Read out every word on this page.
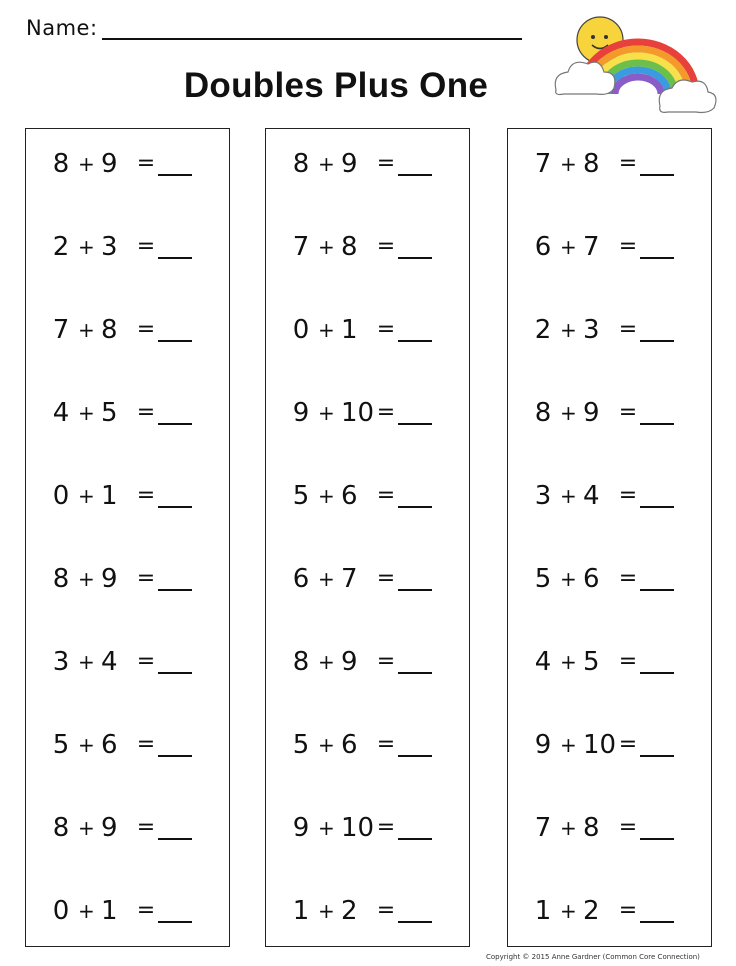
Name:
Doubles Plus One
8 + 9 =
2 + 3 =
7 + 8 =
4 + 5 =
0 + 1 =
8 + 9 =
3 + 4 =
5 + 6 =
8 + 9 =
0 + 1 =
8 + 9 =
7 + 8 =
0 + 1 =
9 + 10 =
5 + 6 =
6 + 7 =
8 + 9 =
5 + 6 =
9 + 10 =
1 + 2 =
7 + 8 =
6 + 7 =
2 + 3 =
8 + 9 =
3 + 4 =
5 + 6 =
4 + 5 =
9 + 10 =
7 + 8 =
1 + 2 =
Copyright © 2015 Anne Gardner (Common Core Connection)
